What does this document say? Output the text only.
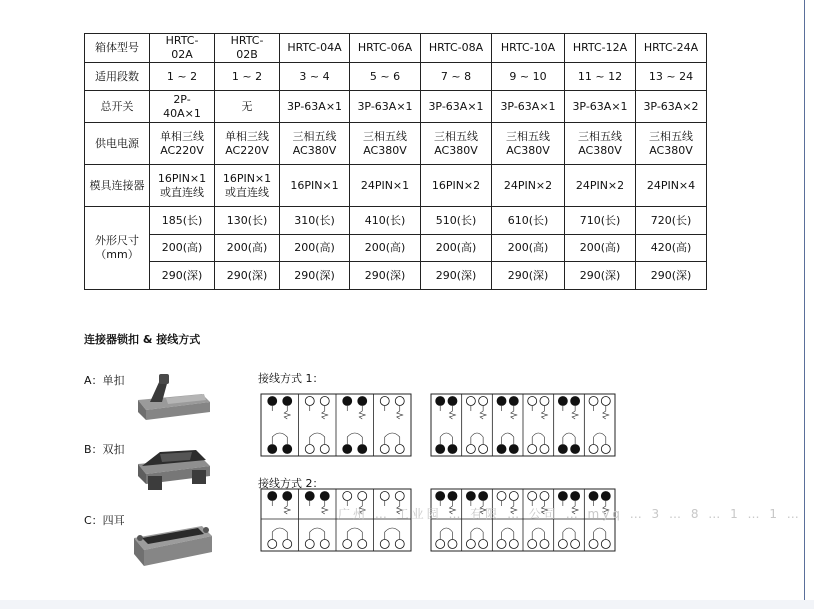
箱体型号	HRTC-02A	HRTC-02B	HRTC-04A	HRTC-06A	HRTC-08A	HRTC-10A	HRTC-12A	HRTC-24A
适用段数	1 ~ 2	1 ~ 2	3 ~ 4	5 ~ 6	7 ~ 8	9 ~ 10	11 ~ 12	13 ~ 24
总开关	2P-40A×1	无	3P-63A×1	3P-63A×1	3P-63A×1	3P-63A×1	3P-63A×1	3P-63A×2
供电电源	单相三线 AC220V	单相三线 AC220V	三相五线 AC380V	三相五线 AC380V	三相五线 AC380V	三相五线 AC380V	三相五线 AC380V	三相五线 AC380V
模具连接器	16PIN×1 或直连线	16PIN×1 或直连线	16PIN×1	24PIN×1	16PIN×2	24PIN×2	24PIN×2	24PIN×4
外形尺寸（mm）	185(长)	130(长)	310(长)	410(长)	510(长)	610(长)	710(长)	720(长)
	200(高)	200(高)	200(高)	200(高)	200(高)	200(高)	200(高)	420(高)
	290(深)	290(深)	290(深)	290(深)	290(深)	290(深)	290(深)	290(深)
连接器锁扣 & 接线方式
A：单扣
B：双扣
C：四耳
接线方式 1：
接线方式 2：
广州 … 工业园 … 有限 … 公司 … myq … 3 … 8 … 1 … 1 …
